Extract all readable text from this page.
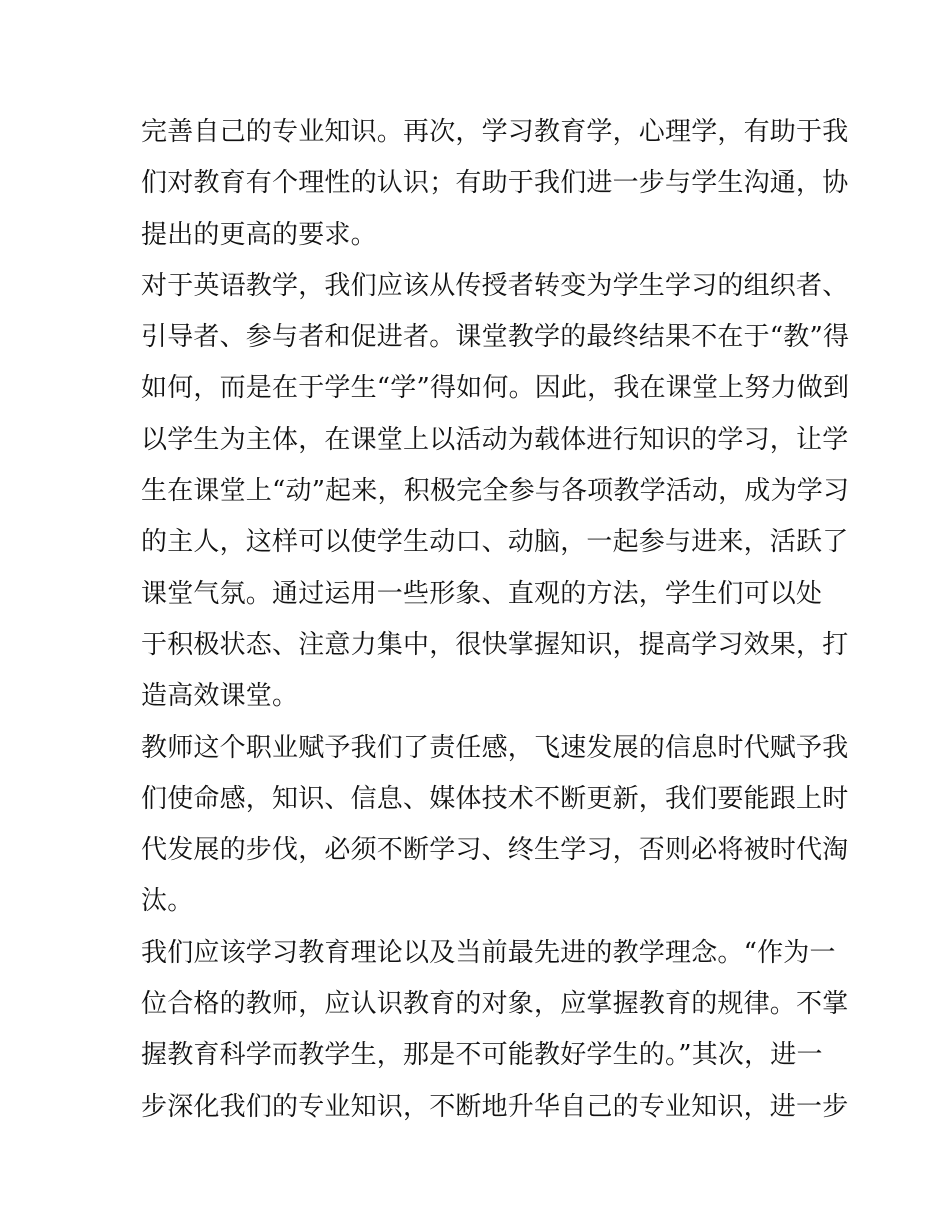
完善自己的专业知识。再次，学习教育学，心理学，有助于我
们对教育有个理性的认识；有助于我们进一步与学生沟通，协
提出的更高的要求。
对于英语教学，我们应该从传授者转变为学生学习的组织者、
引导者、参与者和促进者。课堂教学的最终结果不在于“教”得
如何，而是在于学生“学”得如何。因此，我在课堂上努力做到
以学生为主体，在课堂上以活动为载体进行知识的学习，让学
生在课堂上“动”起来，积极完全参与各项教学活动，成为学习
的主人，这样可以使学生动口、动脑，一起参与进来，活跃了
课堂气氛。通过运用一些形象、直观的方法，学生们可以处
于积极状态、注意力集中，很快掌握知识，提高学习效果，打
造高效课堂。
教师这个职业赋予我们了责任感，飞速发展的信息时代赋予我
们使命感，知识、信息、媒体技术不断更新，我们要能跟上时
代发展的步伐，必须不断学习、终生学习，否则必将被时代淘
汰。
我们应该学习教育理论以及当前最先进的教学理念。“作为一
位合格的教师，应认识教育的对象，应掌握教育的规律。不掌
握教育科学而教学生，那是不可能教好学生的。”其次，进一
步深化我们的专业知识，不断地升华自己的专业知识，进一步
